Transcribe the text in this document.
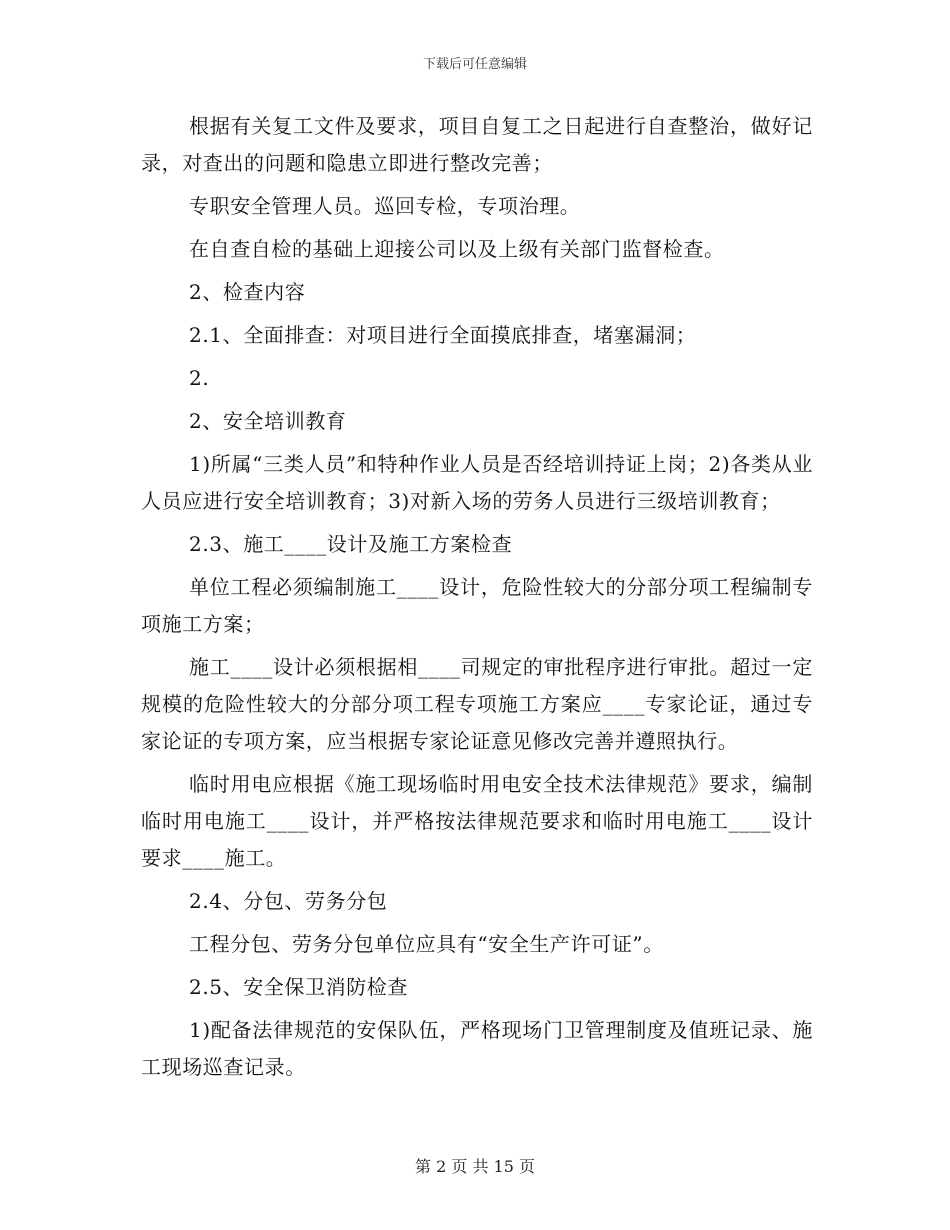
下载后可任意编辑

根据有关复工文件及要求，项目自复工之日起进行自查整治，做好记录，对查出的问题和隐患立即进行整改完善；

专职安全管理人员。巡回专检，专项治理。

在自查自检的基础上迎接公司以及上级有关部门监督检查。

2、检查内容

2.1、全面排查：对项目进行全面摸底排查，堵塞漏洞；

2.

2、安全培训教育

1)所属“三类人员”和特种作业人员是否经培训持证上岗；2)各类从业人员应进行安全培训教育；3)对新入场的劳务人员进行三级培训教育；

2.3、施工____设计及施工方案检查

单位工程必须编制施工____设计，危险性较大的分部分项工程编制专项施工方案；

施工____设计必须根据相____司规定的审批程序进行审批。超过一定规模的危险性较大的分部分项工程专项施工方案应____专家论证，通过专家论证的专项方案，应当根据专家论证意见修改完善并遵照执行。

临时用电应根据《施工现场临时用电安全技术法律规范》要求，编制临时用电施工____设计，并严格按法律规范要求和临时用电施工____设计要求____施工。

2.4、分包、劳务分包

工程分包、劳务分包单位应具有“安全生产许可证”。

2.5、安全保卫消防检查

1)配备法律规范的安保队伍，严格现场门卫管理制度及值班记录、施工现场巡查记录。

第 2 页 共 15 页
